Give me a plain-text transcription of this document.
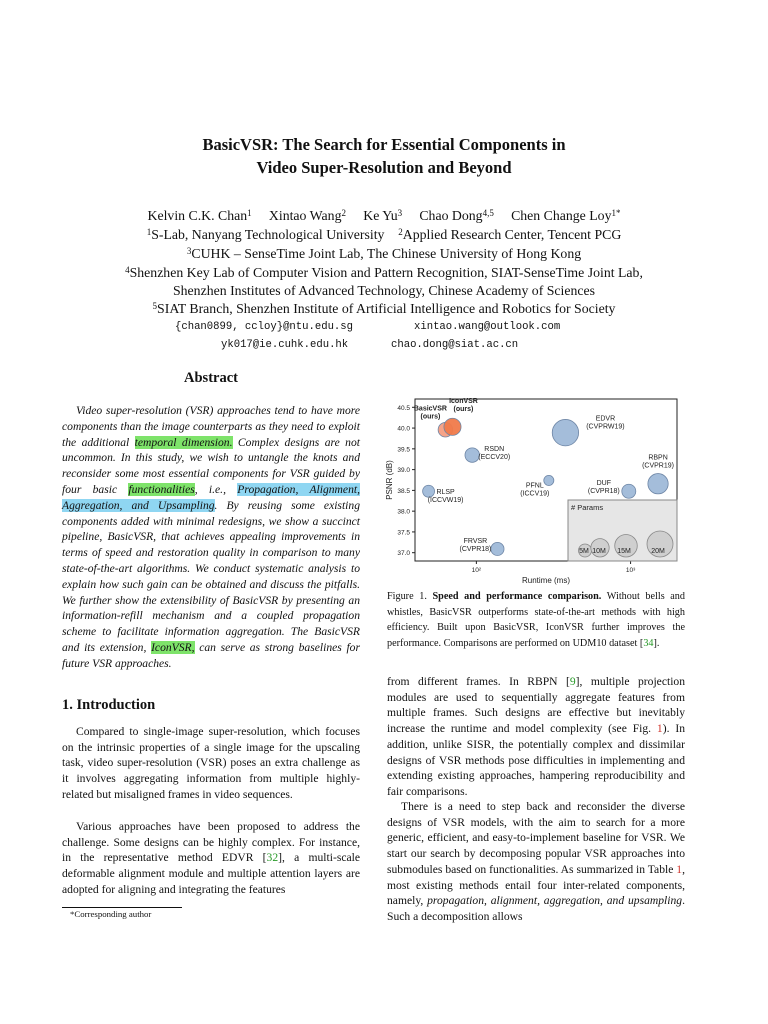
BasicVSR: The Search for Essential Components in
Video Super-Resolution and Beyond
Kelvin C.K. Chan$^1$ Xintao Wang$^2$ Ke Yu$^3$ Chao Dong$^{4,5}$ Chen Change Loy$^{1*}$
$^1$S-Lab, Nanyang Technological University $^2$Applied Research Center, Tencent PCG
$^3$CUHK – SenseTime Joint Lab, The Chinese University of Hong Kong
$^4$Shenzhen Key Lab of Computer Vision and Pattern Recognition, SIAT-SenseTime Joint Lab,
Shenzhen Institutes of Advanced Technology, Chinese Academy of Sciences
$^5$SIAT Branch, Shenzhen Institute of Artificial Intelligence and Robotics for Society
{chan0899, ccloy}@ntu.edu.sg	xintao.wang@outlook.com
yk017@ie.cuhk.edu.hk	chao.dong@siat.ac.cn
Abstract
Video super-resolution (VSR) approaches tend to have more components than the image counterparts as they need to exploit the additional temporal dimension. Complex designs are not uncommon. In this study, we wish to untangle the knots and reconsider some most essential components for VSR guided by four basic functionalities, i.e., Propagation, Alignment, Aggregation, and Upsampling. By reusing some existing components added with minimal redesigns, we show a succinct pipeline, BasicVSR, that achieves appealing improvements in terms of speed and restoration quality in comparison to many state-of-the-art algorithms. We conduct systematic analysis to explain how such gain can be obtained and discuss the pitfalls. We further show the extensibility of BasicVSR by presenting an information-refill mechanism and a coupled propagation scheme to facilitate information aggregation. The BasicVSR and its extension, IconVSR, can serve as strong baselines for future VSR approaches.
1. Introduction
Compared to single-image super-resolution, which focuses on the intrinsic properties of a single image for the upscaling task, video super-resolution (VSR) poses an extra challenge as it involves aggregating information from multiple highly-related but misaligned frames in video sequences.
Various approaches have been proposed to address the challenge. Some designs can be highly complex. For instance, in the representative method EDVR [32], a multi-scale deformable alignment module and multiple attention layers are adopted for aligning and integrating the features
*Corresponding author
37.0
37.5
38.0
38.5
39.0
39.5
40.0
40.5
10²	10³
Runtime (ms)
PSNR (dB)
# Params
5M 10M 15M	20M
EDVR
(CVPRW19)
RBPN
(CVPR19)
DUF
(CVPR18)
PFNL
(ICCV19)
RSDN
(ECCV20)
RLSP
(ICCVW19)
FRVSR
(CVPR18)
BasicVSR
(ours)
IconVSR
(ours)
Figure 1. Speed and performance comparison. Without bells and whistles, BasicVSR outperforms state-of-the-art methods with high efficiency. Built upon BasicVSR, IconVSR further improves the performance. Comparisons are performed on UDM10 dataset [34].
from different frames. In RBPN [9], multiple projection modules are used to sequentially aggregate features from multiple frames. Such designs are effective but inevitably increase the runtime and model complexity (see Fig. 1). In addition, unlike SISR, the potentially complex and dissimilar designs of VSR methods pose difficulties in implementing and extending existing approaches, hampering reproducibility and fair comparisons.
There is a need to step back and reconsider the diverse designs of VSR models, with the aim to search for a more generic, efficient, and easy-to-implement baseline for VSR. We start our search by decomposing popular VSR approaches into submodules based on functionalities. As summarized in Table 1, most existing methods entail four inter-related components, namely, propagation, alignment, aggregation, and upsampling. Such a decomposition allows
